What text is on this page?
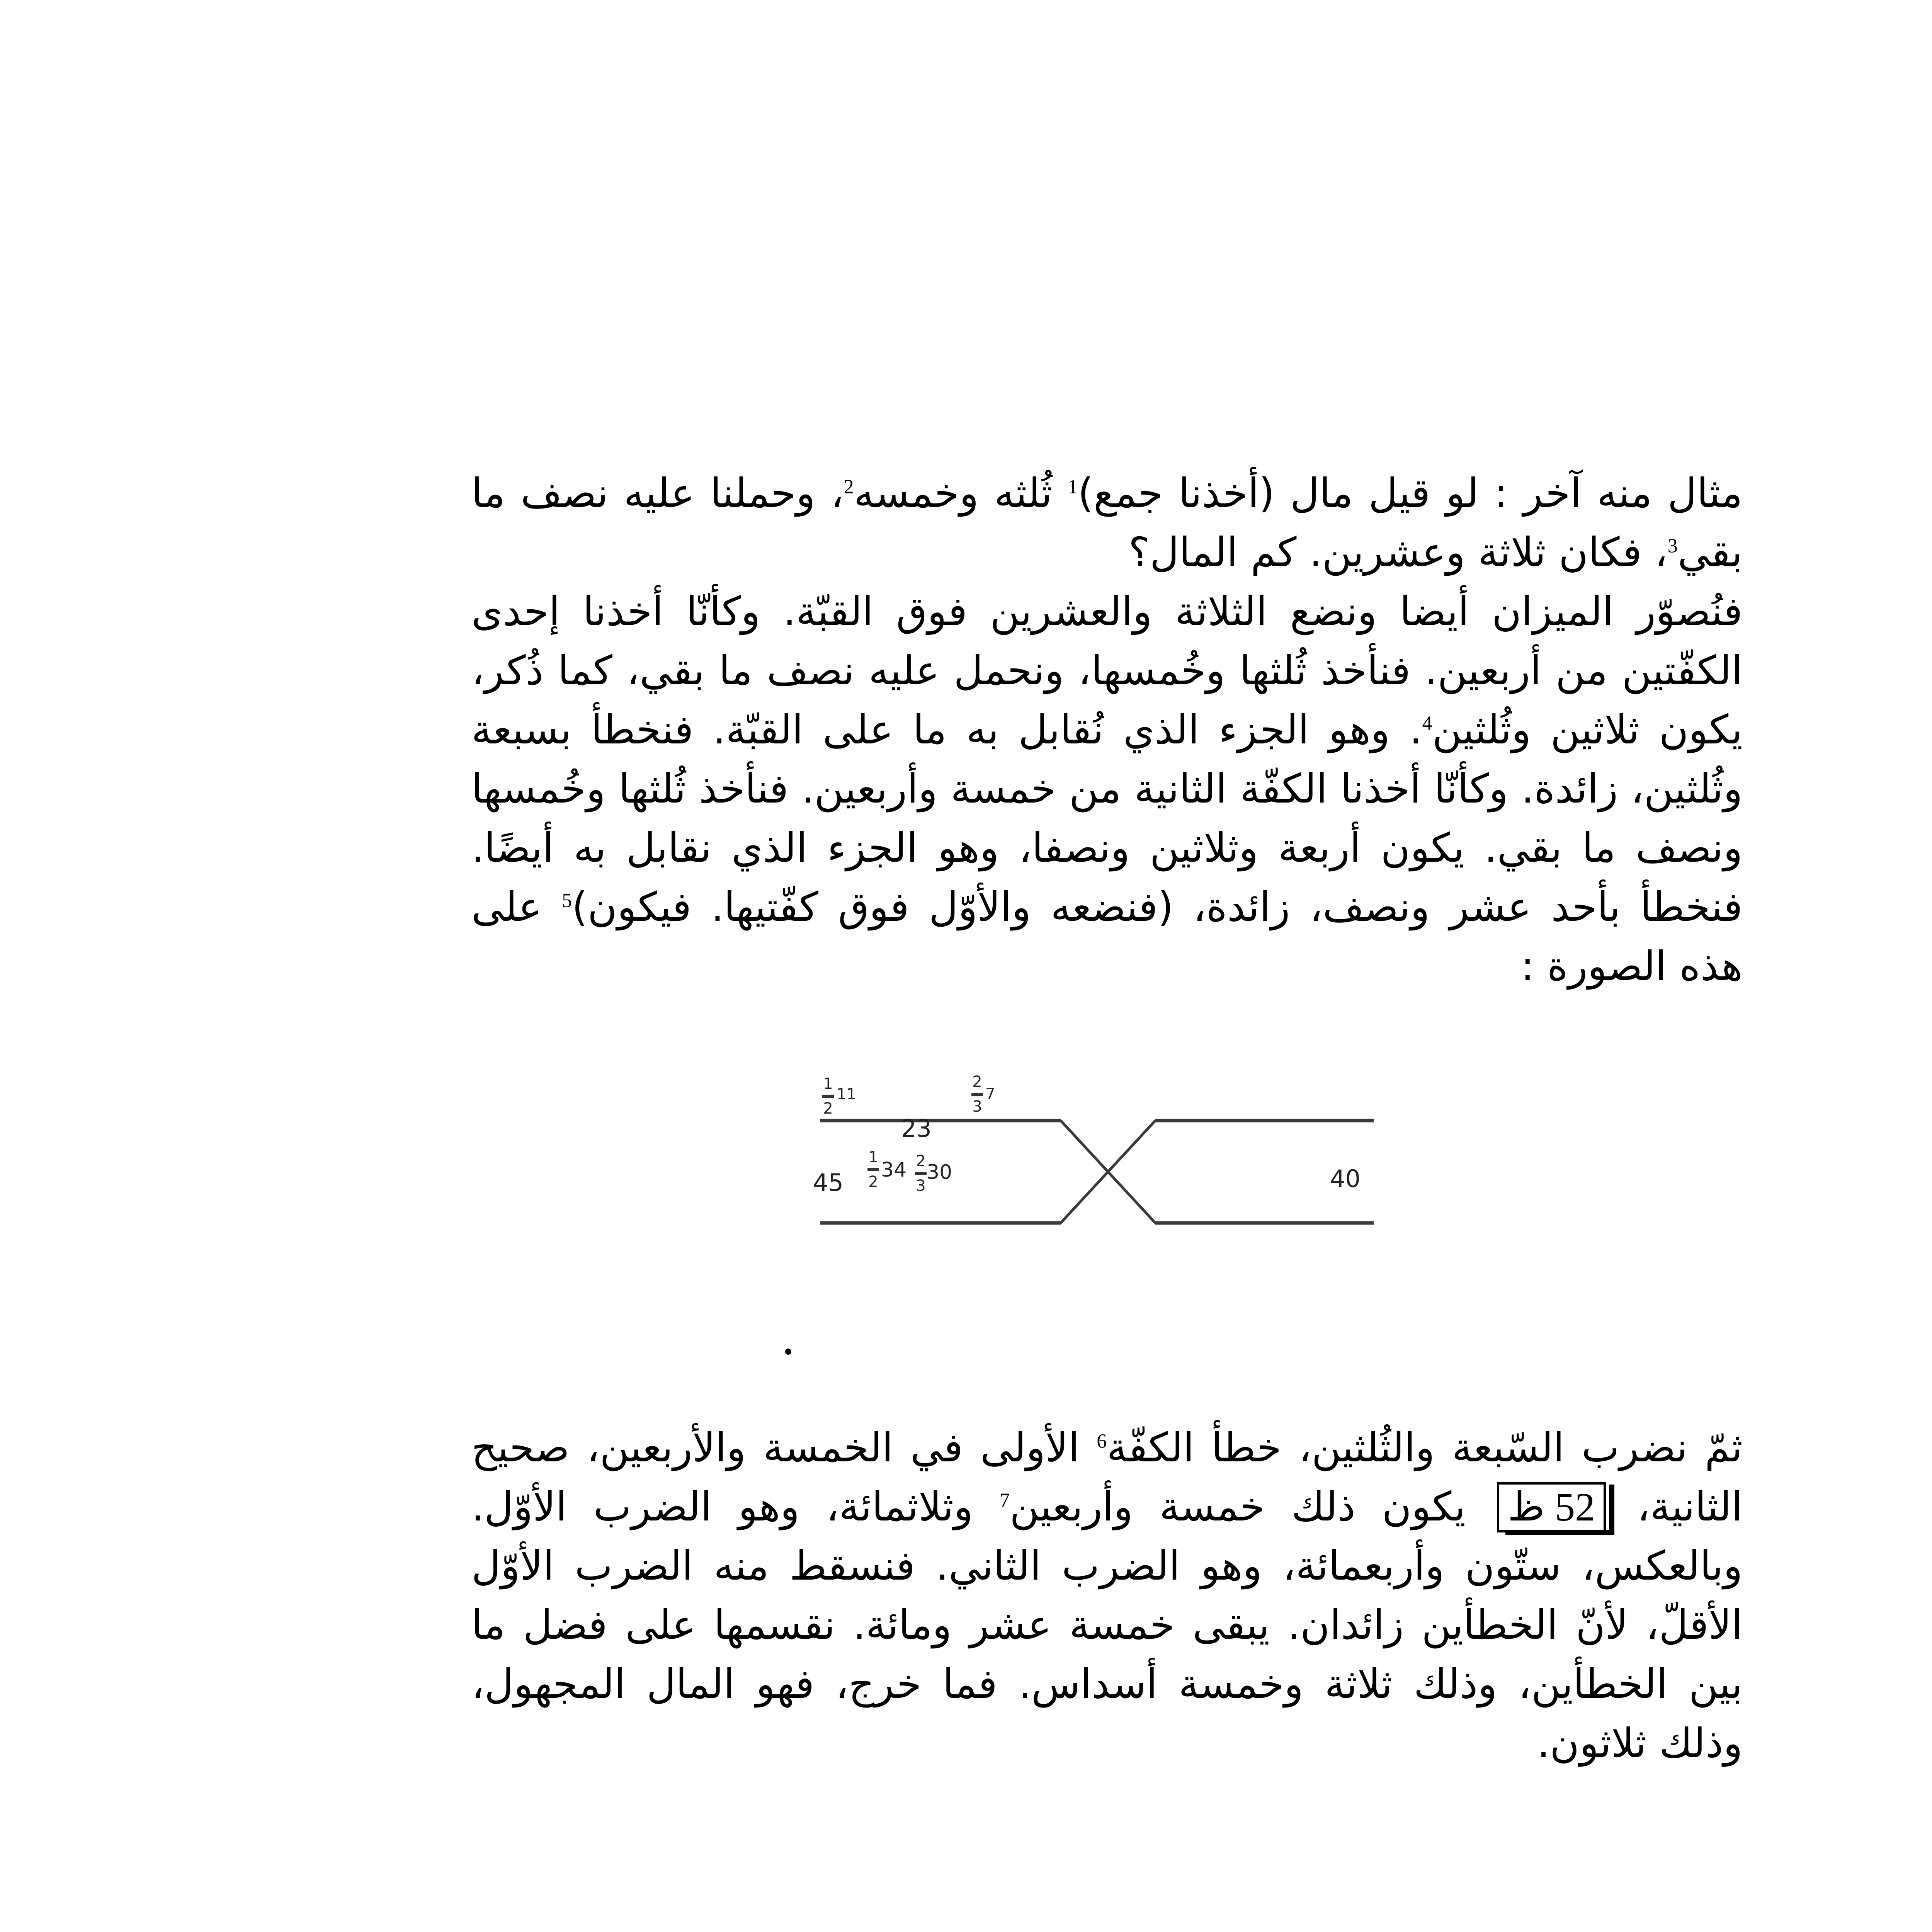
مثال منه آخر : لو قيل مال (أخذنا جمع)$^1$ ثُلثه وخمسه$^2$، وحملنا عليه نصف ما بقي$^3$، فكان ثلاثة وعشرين. كم المال؟

فنُصوّر الميزان أيضا ونضع الثلاثة والعشرين فوق القبّة. وكأنّا أخذنا إحدى الكفّتين من أربعين. فنأخذ ثُلثها وخُمسها، ونحمل عليه نصف ما بقي، كما ذُكر، يكون ثلاثين وثُلثين$^4$. وهو الجزء الذي نُقابل به ما على القبّة. فنخطأ بسبعة وثُلثين، زائدة. وكأنّا أخذنا الكفّة الثانية من خمسة وأربعين. فنأخذ ثُلثها وخُمسها ونصف ما بقي. يكون أربعة وثلاثين ونصفا، وهو الجزء الذي نقابل به أيضًا. فنخطأ بأحد عشر ونصف، زائدة، (فنضعه والأوّل فوق كفّتيها. فيكون)$^5$ على هذه الصورة :

23
45	40
1
2
11
2
3
7
1
2
34 2
3
30

ثمّ نضرب السّبعة والثُلثين، خطأ الكفّة$^6$ الأولى في الخمسة والأربعين، صحيح الثانية، 52 ظ يكون ذلك خمسة وأربعين$^7$ وثلاثمائة، وهو الضرب الأوّل. وبالعكس، ستّون وأربعمائة، وهو الضرب الثاني. فنسقط منه الضرب الأوّل الأقلّ، لأنّ الخطأين زائدان. يبقى خمسة عشر ومائة. نقسمها على فضل ما بين الخطأين، وذلك ثلاثة وخمسة أسداس. فما خرج، فهو المال المجهول، وذلك ثلاثون.
